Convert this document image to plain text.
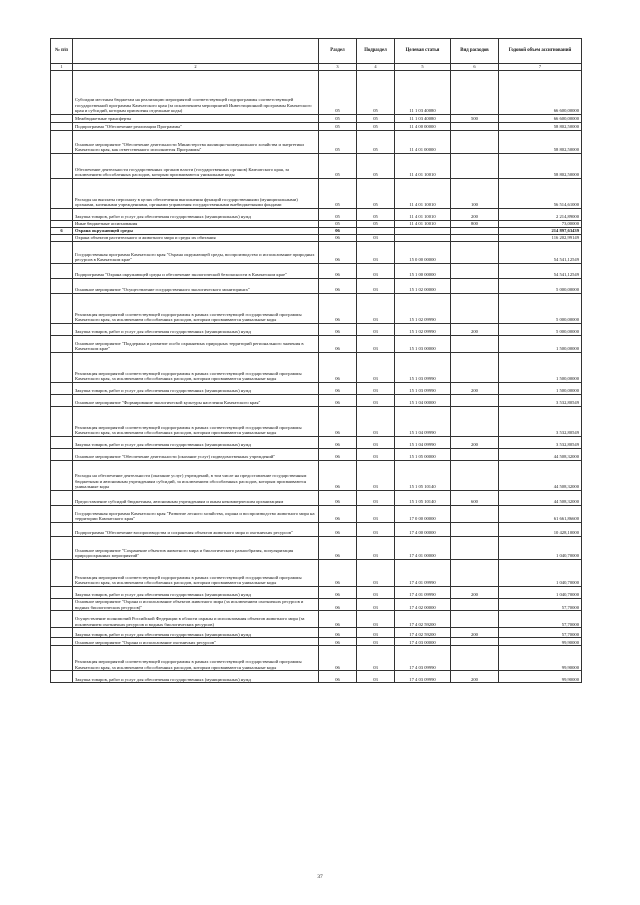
№ п/п		Раздел	Подраздел	Целевая статья	Вид расходов	Годовой объем ассигнований
1	2	3	4	5	6	7
	Субсидии местным бюджетам на реализацию мероприятий соответствующей подпрограммы соответствующей государственной программы Камчатского края (за исключением мероприятий Инвестиционной программы Камчатского края и субсидий, которым присвоены отдельные коды)	05	05	11 1 03 40080		66 600,00000
	Межбюджетные трансферты	05	05	11 1 03 40080	500	66 600,00000
	Подпрограмма "Обеспечение реализации Программы"	05	05	11 4 00 00000		58 802,50000
	Основное мероприятие "Обеспечение деятельности Министерства жилищно-коммунального хозяйства и энергетики Камчатского края, как ответственного исполнителя Программы"	05	05	11 4 01 00000		58 802,50000
	Обеспечение деятельности государственных органов власти (государственных органов) Камчатского края, за исключением обособленных расходов, которым присваиваются уникальные коды	05	05	11 4 01 10010		58 802,50000
	Расходы на выплаты персоналу в целях обеспечения выполнения функций государственными (муниципальными) органами, казенными учреждениями, органами управления государственными внебюджетными фондами	05	05	11 4 01 10010	100	56 514,61000
	Закупка товаров, работ и услуг для обеспечения государственных (муниципальных) нужд	05	05	11 4 01 10010	200	2 214,89000
	Иные бюджетные ассигнования	05	05	11 4 01 10010	800	73,00000
6	Охрана окружающей среды	06				214 897,63439
	Охрана объектов растительного и животного мира и среды их обитания	06	03			116 202,99149
	Государственная программа Камчатского края "Охрана окружающей среды, воспроизводство и использование природных ресурсов в Камчатском крае"	06	03	15 0 00 00000		54 541,12549
	Подпрограмма "Охрана окружающей среды и обеспечение экологической безопасности в Камчатском крае"	06	03	15 1 00 00000		54 541,12549
	Основное мероприятие "Осуществление государственного экологического мониторинга"	06	03	15 1 02 00000		5 000,00000
	Реализация мероприятий соответствующей подпрограммы в рамках соответствующей государственной программы Камчатского края, за исключением обособленных расходов, которым присваиваются уникальные коды	06	03	15 1 02 09990		5 000,00000
	Закупка товаров, работ и услуг для обеспечения государственных (муниципальных) нужд	06	03	15 1 02 09990	200	5 000,00000
	Основное мероприятие "Поддержка и развитие особо охраняемых природных территорий регионального значения в Камчатском крае"	06	03	15 1 03 00000		1 500,00000
	Реализация мероприятий соответствующей подпрограммы в рамках соответствующей государственной программы Камчатского края, за исключением обособленных расходов, которым присваиваются уникальные коды	06	03	15 1 03 09990		1 500,00000
	Закупка товаров, работ и услуг для обеспечения государственных (муниципальных) нужд	06	03	15 1 03 09990	200	1 500,00000
	Основное мероприятие "Формирование экологической культуры населения Камчатского края"	06	03	15 1 04 00000		3 532,80549
	Реализация мероприятий соответствующей подпрограммы в рамках соответствующей государственной программы Камчатского края, за исключением обособленных расходов, которым присваиваются уникальные коды	06	03	15 1 04 09990		3 532,80549
	Закупка товаров, работ и услуг для обеспечения государственных (муниципальных) нужд	06	03	15 1 04 09990	200	3 532,80549
	Основное мероприятие "Обеспечение деятельности (оказание услуг) подведомственных учреждений"	06	03	15 1 05 00000		44 508,32000
	Расходы на обеспечение деятельности (оказание услуг) учреждений, в том числе на предоставление государственным бюджетным и автономным учреждениям субсидий, за исключением обособленных расходов, которым присваиваются уникальные коды	06	03	15 1 05 10140		44 508,32000
	Предоставление субсидий бюджетным, автономным учреждениям и иным некоммерческим организациям	06	03	15 1 05 10140	600	44 508,32000
	Государственная программа Камчатского края "Развитие лесного хозяйства, охрана и воспроизводство животного мира на территории Камчатского края"	06	03	17 0 00 00000		61 661,86600
	Подпрограмма "Обеспечение воспроизводства и сохранения объектов животного мира и охотничьих ресурсов"	06	03	17 4 00 00000		10 428,10000
	Основное мероприятие "Сохранение объектов животного мира и биологического разнообразия, популяризация природоохранных мероприятий"	06	03	17 4 01 00000		1 040,70000
	Реализация мероприятий соответствующей подпрограммы в рамках соответствующей государственной программы Камчатского края, за исключением обособленных расходов, которым присваиваются уникальные коды	06	03	17 4 01 09990		1 040,70000
	Закупка товаров, работ и услуг для обеспечения государственных (муниципальных) нужд	06	03	17 4 01 09990	200	1 040,70000
	Основное мероприятие "Охрана и использование объектов животного мира (за исключением охотничьих ресурсов и водных биологических ресурсов)"	06	03	17 4 02 00000		57,70000
	Осуществление полномочий Российской Федерации в области охраны и использования объектов животного мира (за исключением охотничьих ресурсов и водных биологических ресурсов)	06	03	17 4 02 59200		57,70000
	Закупка товаров, работ и услуг для обеспечения государственных (муниципальных) нужд	06	03	17 4 02 59200	200	57,70000
	Основное мероприятие "Охрана и использование охотничьих ресурсов"	06	03	17 4 03 00000		99,90000
	Реализация мероприятий соответствующей подпрограммы в рамках соответствующей государственной программы Камчатского края, за исключением обособленных расходов, которым присваиваются уникальные коды	06	03	17 4 03 09990		99,90000
	Закупка товаров, работ и услуг для обеспечения государственных (муниципальных) нужд	06	03	17 4 03 09990	200	99,90000
37
